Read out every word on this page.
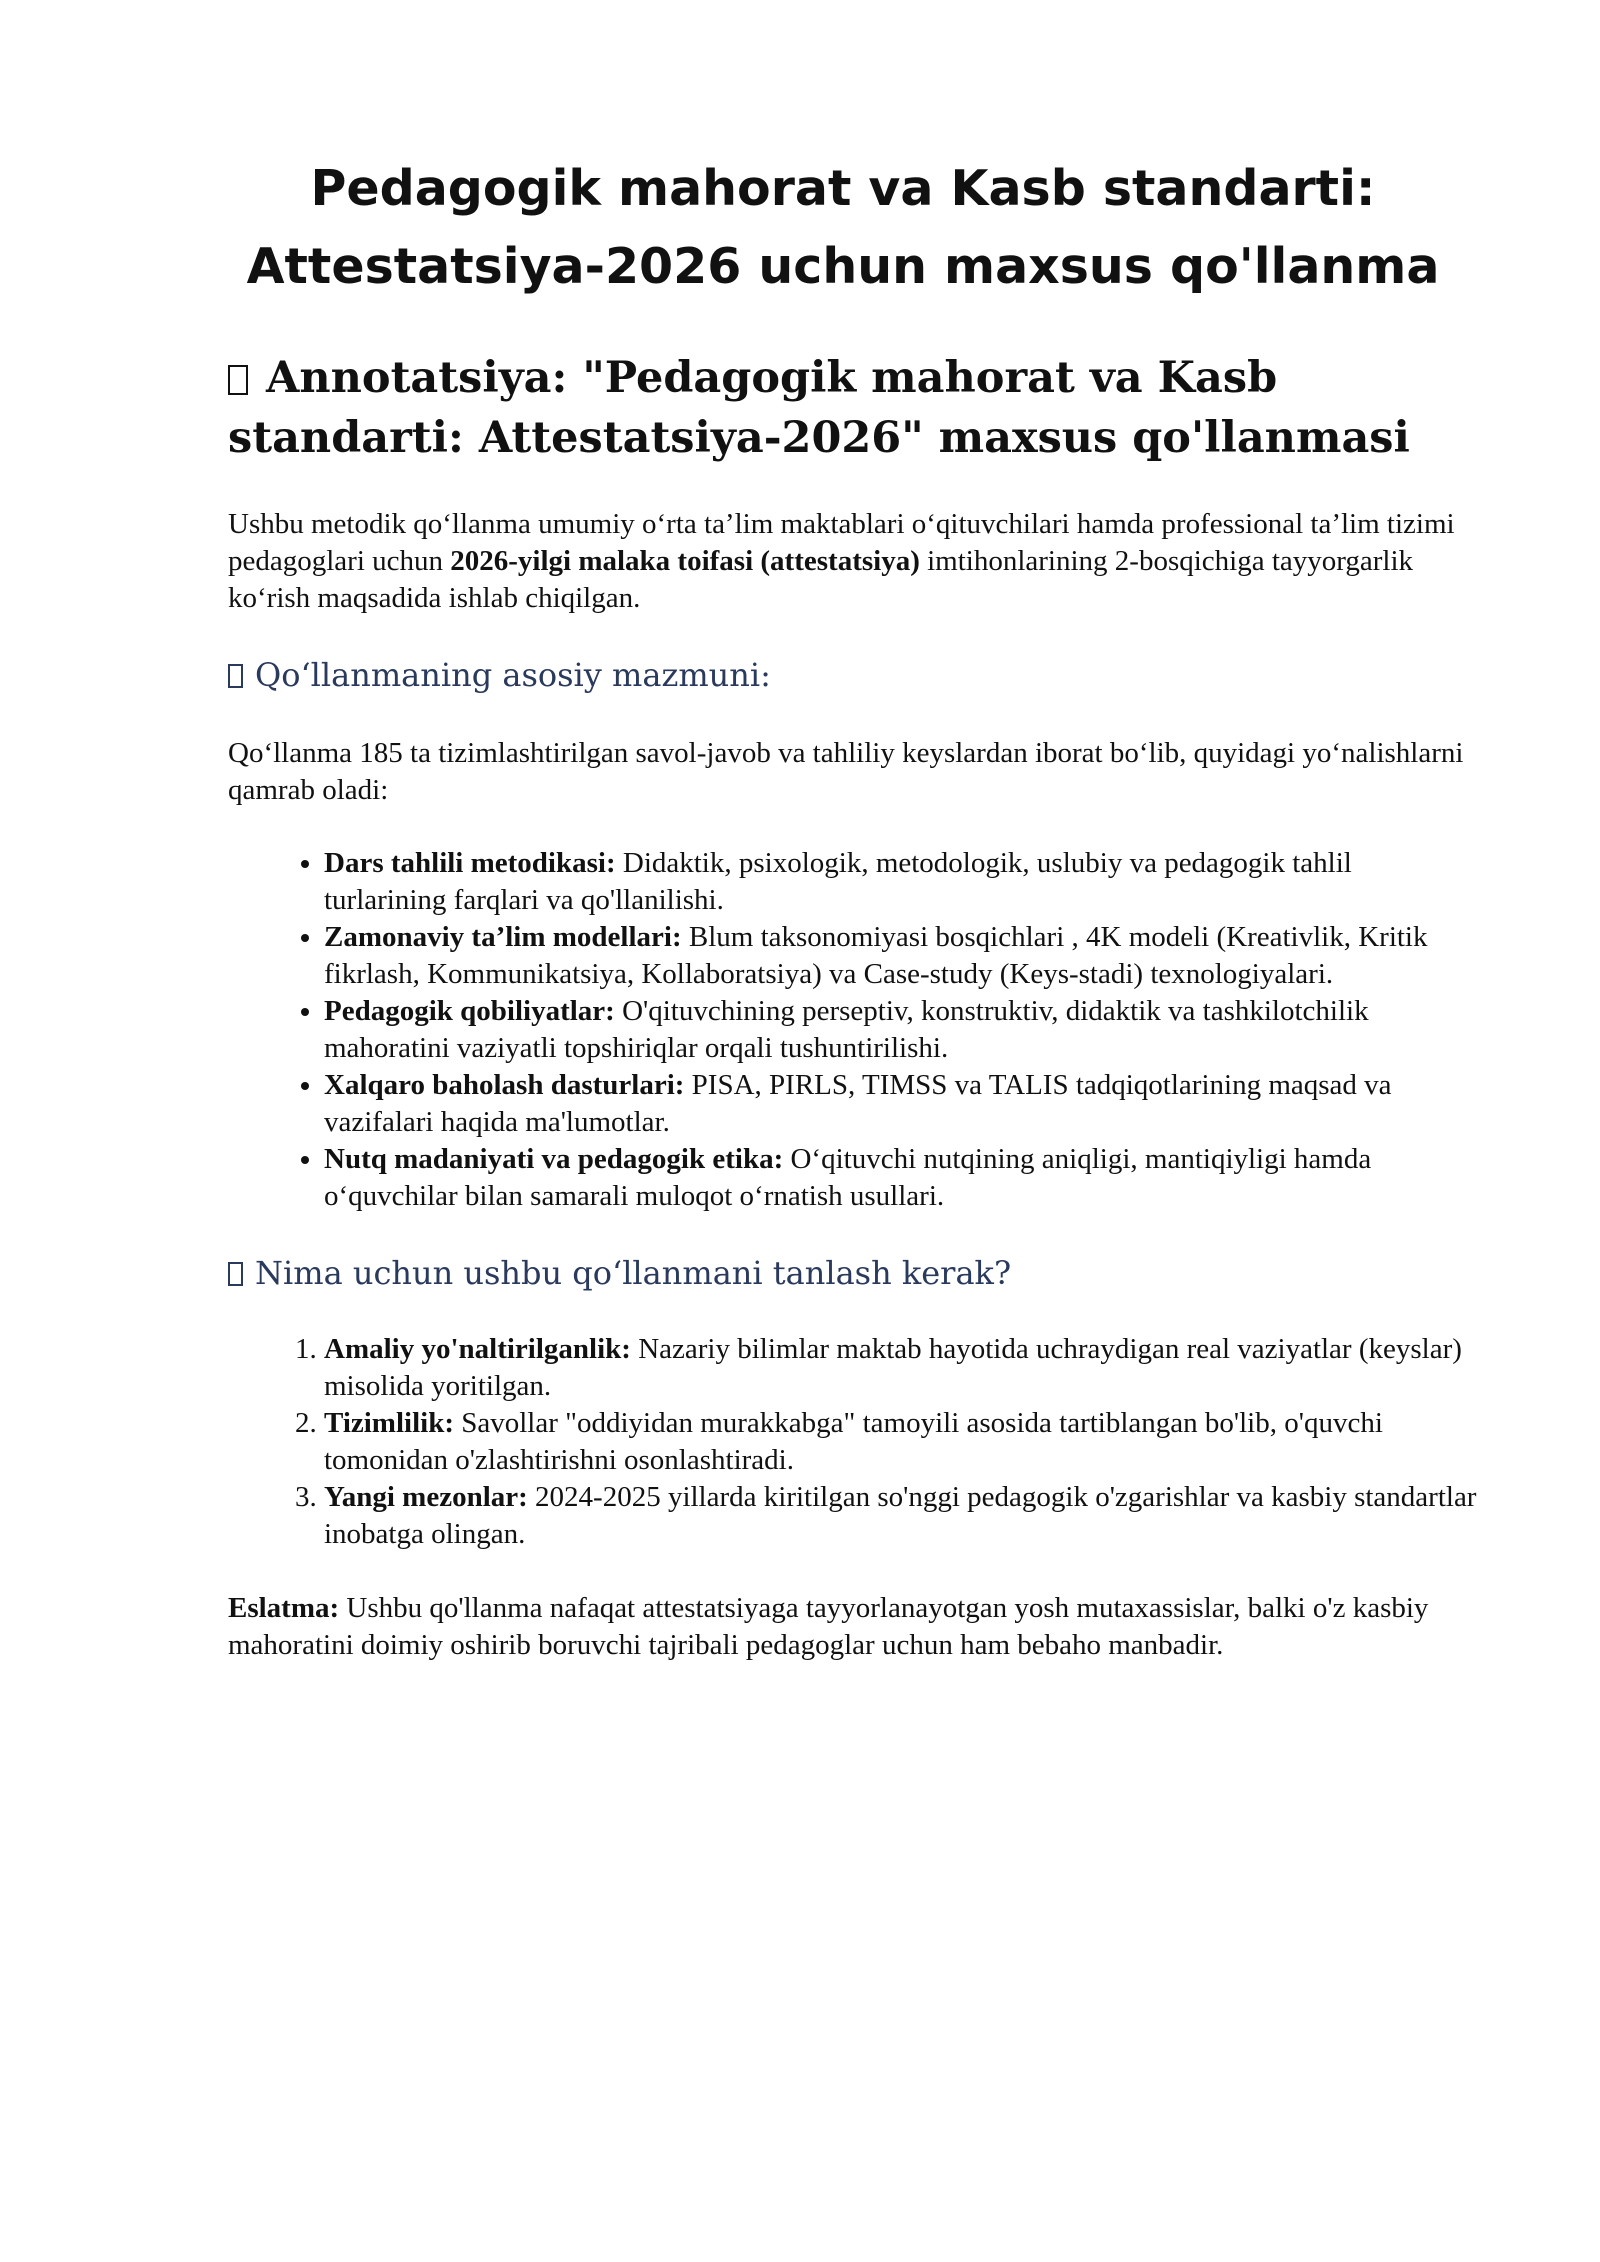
Pedagogik mahorat va Kasb standarti:
Attestatsiya-2026 uchun maxsus qo'llanma
Annotatsiya: "Pedagogik mahorat va Kasb standarti: Attestatsiya-2026" maxsus qo'llanmasi

Ushbu metodik qoʻllanma umumiy oʻrta taʼlim maktablari oʻqituvchilari hamda professional taʼlim tizimi pedagoglari uchun 2026-yilgi malaka toifasi (attestatsiya) imtihonlarining 2-bosqichiga tayyorgarlik koʻrish maqsadida ishlab chiqilgan.

Qoʻllanmaning asosiy mazmuni:

Qoʻllanma 185 ta tizimlashtirilgan savol-javob va tahliliy keyslardan iborat boʻlib, quyidagi yoʻnalishlarni qamrab oladi:

• Dars tahlili metodikasi: Didaktik, psixologik, metodologik, uslubiy va pedagogik tahlil turlarining farqlari va qo'llanilishi.
• Zamonaviy taʼlim modellari: Blum taksonomiyasi bosqichlari , 4K modeli (Kreativlik, Kritik fikrlash, Kommunikatsiya, Kollaboratsiya) va Case-study (Keys-stadi) texnologiyalari.
• Pedagogik qobiliyatlar: O'qituvchining perseptiv, konstruktiv, didaktik va tashkilotchilik mahoratini vaziyatli topshiriqlar orqali tushuntirilishi.
• Xalqaro baholash dasturlari: PISA, PIRLS, TIMSS va TALIS tadqiqotlarining maqsad va vazifalari haqida ma'lumotlar.
• Nutq madaniyati va pedagogik etika: Oʻqituvchi nutqining aniqligi, mantiqiyligi hamda oʻquvchilar bilan samarali muloqot oʻrnatish usullari.
Nima uchun ushbu qoʻllanmani tanlash kerak?
1. Amaliy yo'naltirilganlik: Nazariy bilimlar maktab hayotida uchraydigan real vaziyatlar (keyslar) misolida yoritilgan.
2. Tizimlilik: Savollar "oddiyidan murakkabga" tamoyili asosida tartiblangan bo'lib, o'quvchi tomonidan o'zlashtirishni osonlashtiradi.
3. Yangi mezonlar: 2024-2025 yillarda kiritilgan so'nggi pedagogik o'zgarishlar va kasbiy standartlar inobatga olingan.

Eslatma: Ushbu qo'llanma nafaqat attestatsiyaga tayyorlanayotgan yosh mutaxassislar, balki o'z kasbiy mahoratini doimiy oshirib boruvchi tajribali pedagoglar uchun ham bebaho manbadir.
